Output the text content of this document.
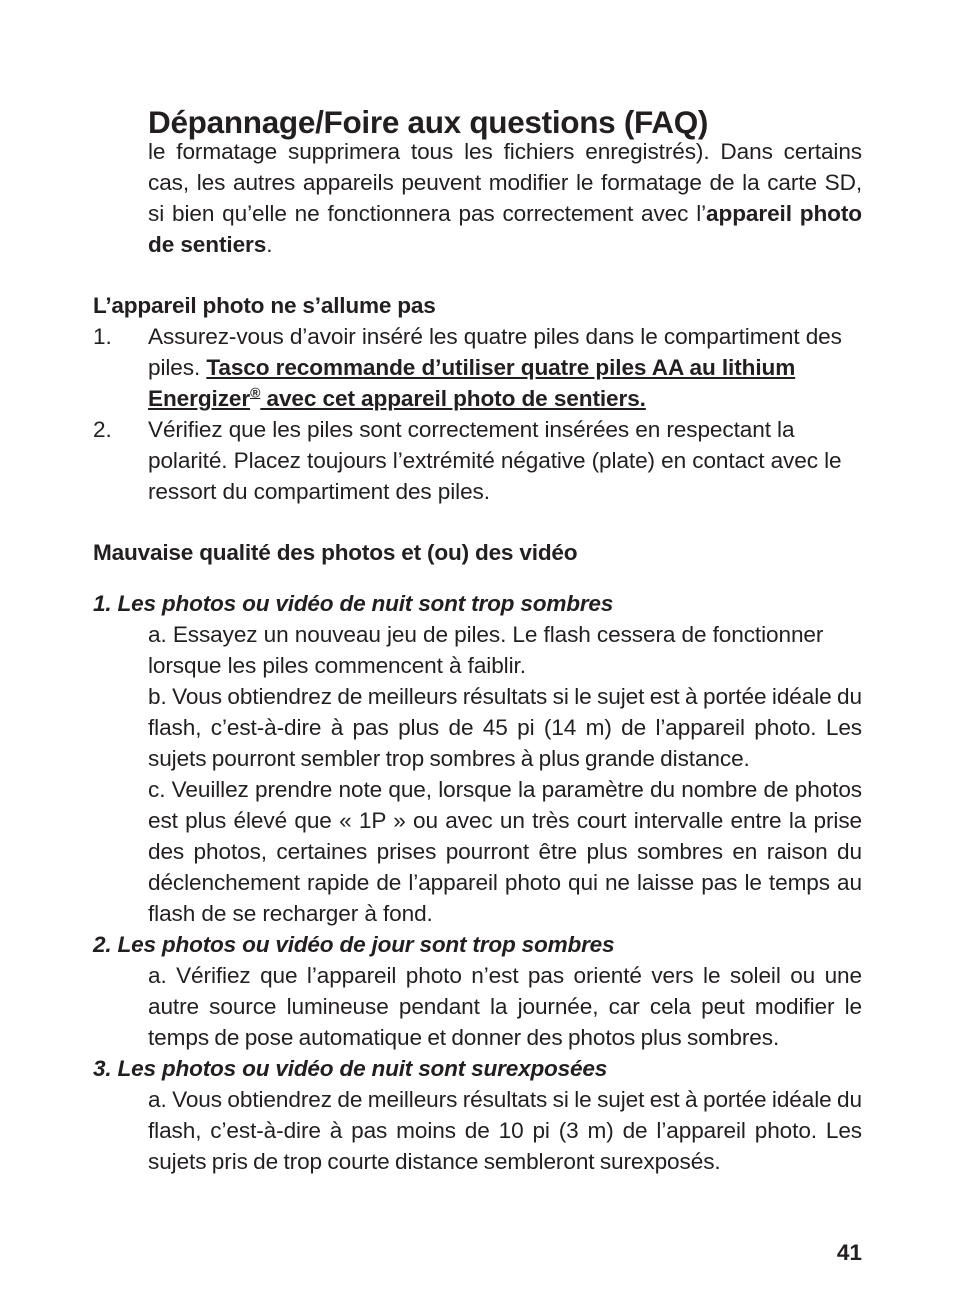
Dépannage/Foire aux questions (FAQ)

le formatage supprimera tous les fichiers enregistrés). Dans certains cas, les autres appareils peuvent modifier le formatage de la carte SD, si bien qu’elle ne fonctionnera pas correctement avec l’appareil photo de sentiers.

L’appareil photo ne s’allume pas
1.	Assurez-vous d’avoir inséré les quatre piles dans le compartiment des piles. Tasco recommande d’utiliser quatre piles AA au lithium Energizer® avec cet appareil photo de sentiers.
2.	Vérifiez que les piles sont correctement insérées en respectant la polarité. Placez toujours l’extrémité négative (plate) en contact avec le ressort du compartiment des piles.
Mauvaise qualité des photos et (ou) des vidéo
1. Les photos ou vidéo de nuit sont trop sombres

a. Essayez un nouveau jeu de piles. Le flash cessera de fonctionner lorsque les piles commencent à faiblir.

b. Vous obtiendrez de meilleurs résultats si le sujet est à portée idéale du flash, c’est-à-dire à pas plus de 45 pi (14 m) de l’appareil photo. Les sujets pourront sembler trop sombres à plus grande distance.

c. Veuillez prendre note que, lorsque la paramètre du nombre de photos est plus élevé que « 1P » ou avec un très court intervalle entre la prise des photos, certaines prises pourront être plus sombres en raison du déclenchement rapide de l’appareil photo qui ne laisse pas le temps au flash de se recharger à fond.

2. Les photos ou vidéo de jour sont trop sombres

a. Vérifiez que l’appareil photo n’est pas orienté vers le soleil ou une autre source lumineuse pendant la journée, car cela peut modifier le temps de pose automatique et donner des photos plus sombres.

3. Les photos ou vidéo de nuit sont surexposées

a. Vous obtiendrez de meilleurs résultats si le sujet est à portée idéale du flash, c’est-à-dire à pas moins de 10 pi (3 m) de l’appareil photo. Les sujets pris de trop courte distance sembleront surexposés.

41
